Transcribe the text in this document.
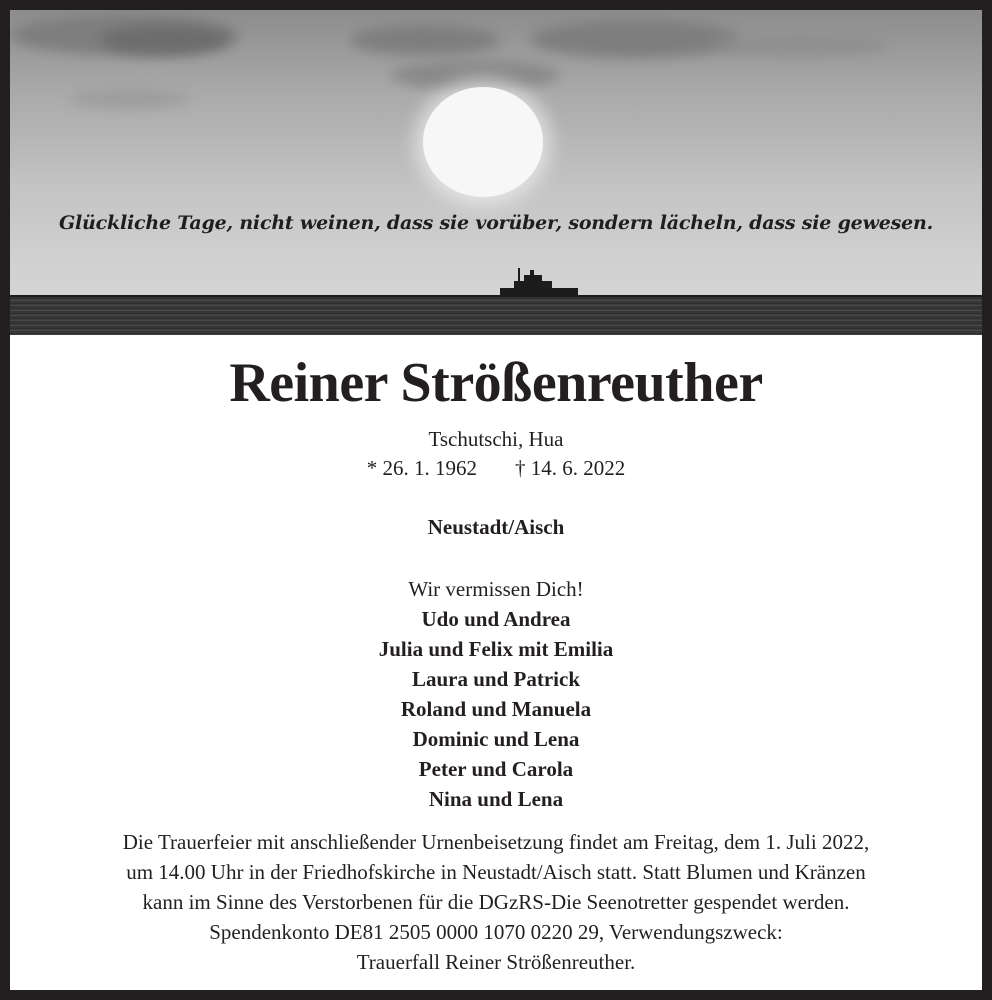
Glückliche Tage, nicht weinen, dass sie vorüber, sondern lächeln, dass sie gewesen.
Reiner Strößenreuther
Tschutschi, Hua
* 26. 1. 1962 † 14. 6. 2022
Neustadt/Aisch
Wir vermissen Dich!
Udo und Andrea
Julia und Felix mit Emilia
Laura und Patrick
Roland und Manuela
Dominic und Lena
Peter und Carola
Nina und Lena
Die Trauerfeier mit anschließender Urnenbeisetzung findet am Freitag, dem 1. Juli 2022,
um 14.00 Uhr in der Friedhofskirche in Neustadt/Aisch statt. Statt Blumen und Kränzen
kann im Sinne des Verstorbenen für die DGzRS-Die Seenotretter gespendet werden.
Spendenkonto DE81 2505 0000 1070 0220 29, Verwendungszweck:
Trauerfall Reiner Strößenreuther.
